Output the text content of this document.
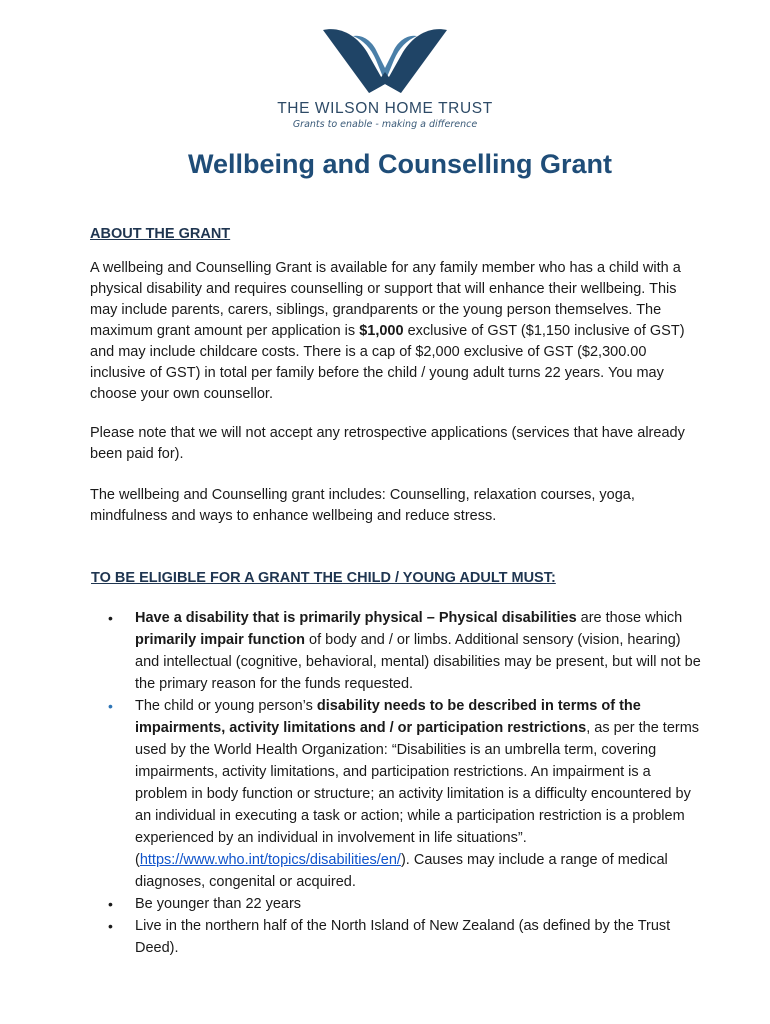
THE WILSON HOME TRUST
Grants to enable - making a difference
Wellbeing and Counselling Grant
ABOUT THE GRANT

A wellbeing and Counselling Grant is available for any family member who has a child with a physical disability and requires counselling or support that will enhance their wellbeing. This may include parents, carers, siblings, grandparents or the young person themselves. The maximum grant amount per application is $1,000 exclusive of GST ($1,150 inclusive of GST) and may include childcare costs. There is a cap of $2,000 exclusive of GST ($2,300.00 inclusive of GST) in total per family before the child / young adult turns 22 years. You may choose your own counsellor.

Please note that we will not accept any retrospective applications (services that have already been paid for).

The wellbeing and Counselling grant includes: Counselling, relaxation courses, yoga, mindfulness and ways to enhance wellbeing and reduce stress.

TO BE ELIGIBLE FOR A GRANT THE CHILD / YOUNG ADULT MUST:
• Have a disability that is primarily physical – Physical disabilities are those which primarily impair function of body and / or limbs. Additional sensory (vision, hearing) and intellectual (cognitive, behavioral, mental) disabilities may be present, but will not be the primary reason for the funds requested.
• The child or young person’s disability needs to be described in terms of the impairments, activity limitations and / or participation restrictions, as per the terms used by the World Health Organization: “Disabilities is an umbrella term, covering impairments, activity limitations, and participation restrictions. An impairment is a problem in body function or structure; an activity limitation is a difficulty encountered by an individual in executing a task or action; while a participation restriction is a problem experienced by an individual in involvement in life situations”. (https://www.who.int/topics/disabilities/en/). Causes may include a range of medical diagnoses, congenital or acquired.
• Be younger than 22 years
• Live in the northern half of the North Island of New Zealand (as defined by the Trust Deed).
